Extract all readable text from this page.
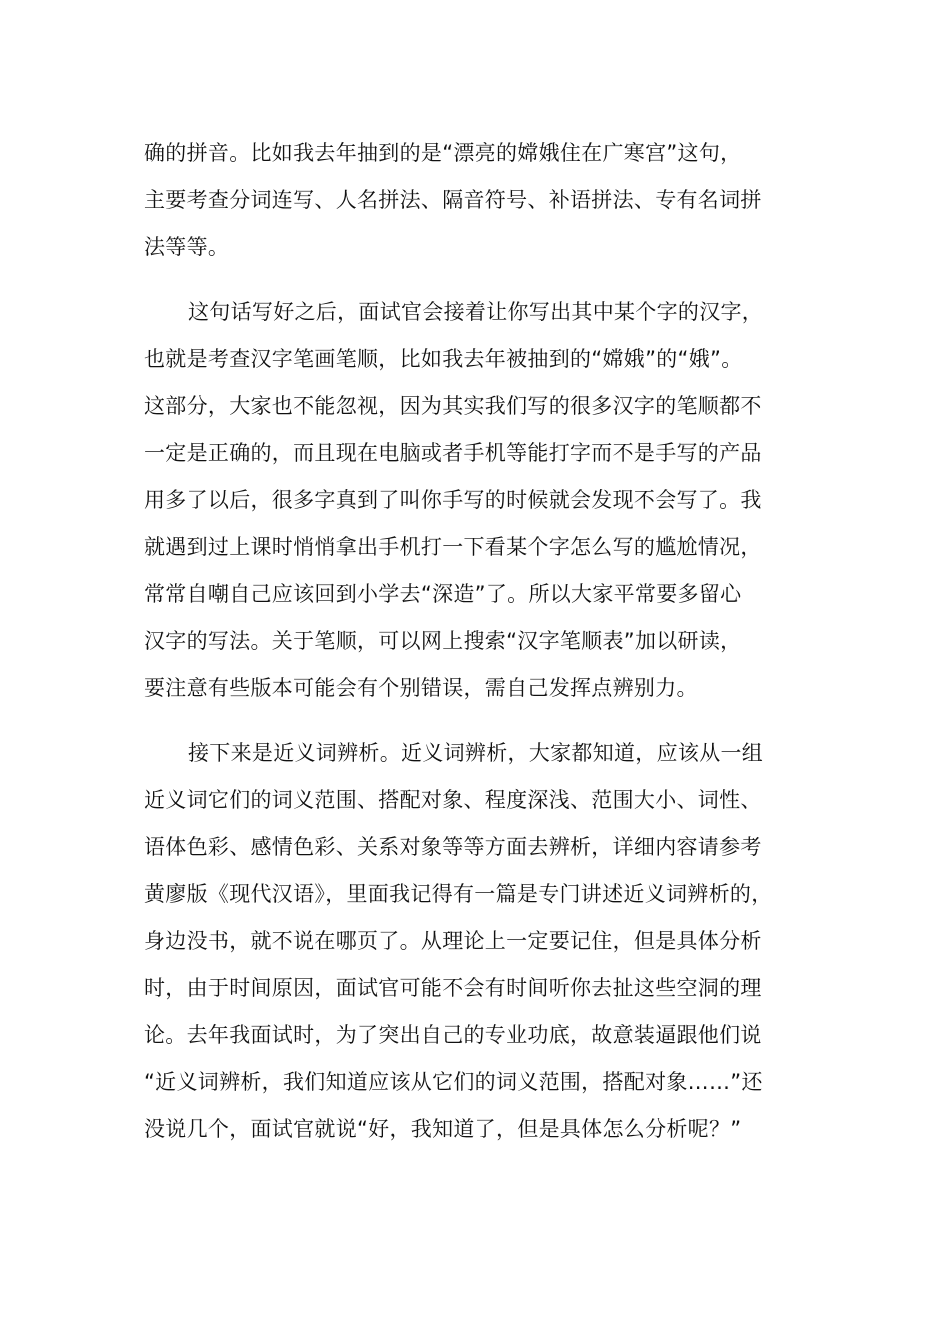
确的拼音。比如我去年抽到的是“漂亮的嫦娥住在广寒宫”这句，
主要考查分词连写、人名拼法、隔音符号、补语拼法、专有名词拼
法等等。
这句话写好之后，面试官会接着让你写出其中某个字的汉字，
也就是考查汉字笔画笔顺，比如我去年被抽到的“嫦娥”的“娥”。
这部分，大家也不能忽视，因为其实我们写的很多汉字的笔顺都不
一定是正确的，而且现在电脑或者手机等能打字而不是手写的产品
用多了以后，很多字真到了叫你手写的时候就会发现不会写了。我
就遇到过上课时悄悄拿出手机打一下看某个字怎么写的尴尬情况，
常常自嘲自己应该回到小学去“深造”了。所以大家平常要多留心
汉字的写法。关于笔顺，可以网上搜索“汉字笔顺表”加以研读，
要注意有些版本可能会有个别错误，需自己发挥点辨别力。
接下来是近义词辨析。近义词辨析，大家都知道，应该从一组
近义词它们的词义范围、搭配对象、程度深浅、范围大小、词性、
语体色彩、感情色彩、关系对象等等方面去辨析，详细内容请参考
黄廖版《现代汉语》，里面我记得有一篇是专门讲述近义词辨析的，
身边没书，就不说在哪页了。从理论上一定要记住，但是具体分析
时，由于时间原因，面试官可能不会有时间听你去扯这些空洞的理
论。去年我面试时，为了突出自己的专业功底，故意装逼跟他们说
“近义词辨析，我们知道应该从它们的词义范围，搭配对象……”还
没说几个，面试官就说“好，我知道了，但是具体怎么分析呢？”
